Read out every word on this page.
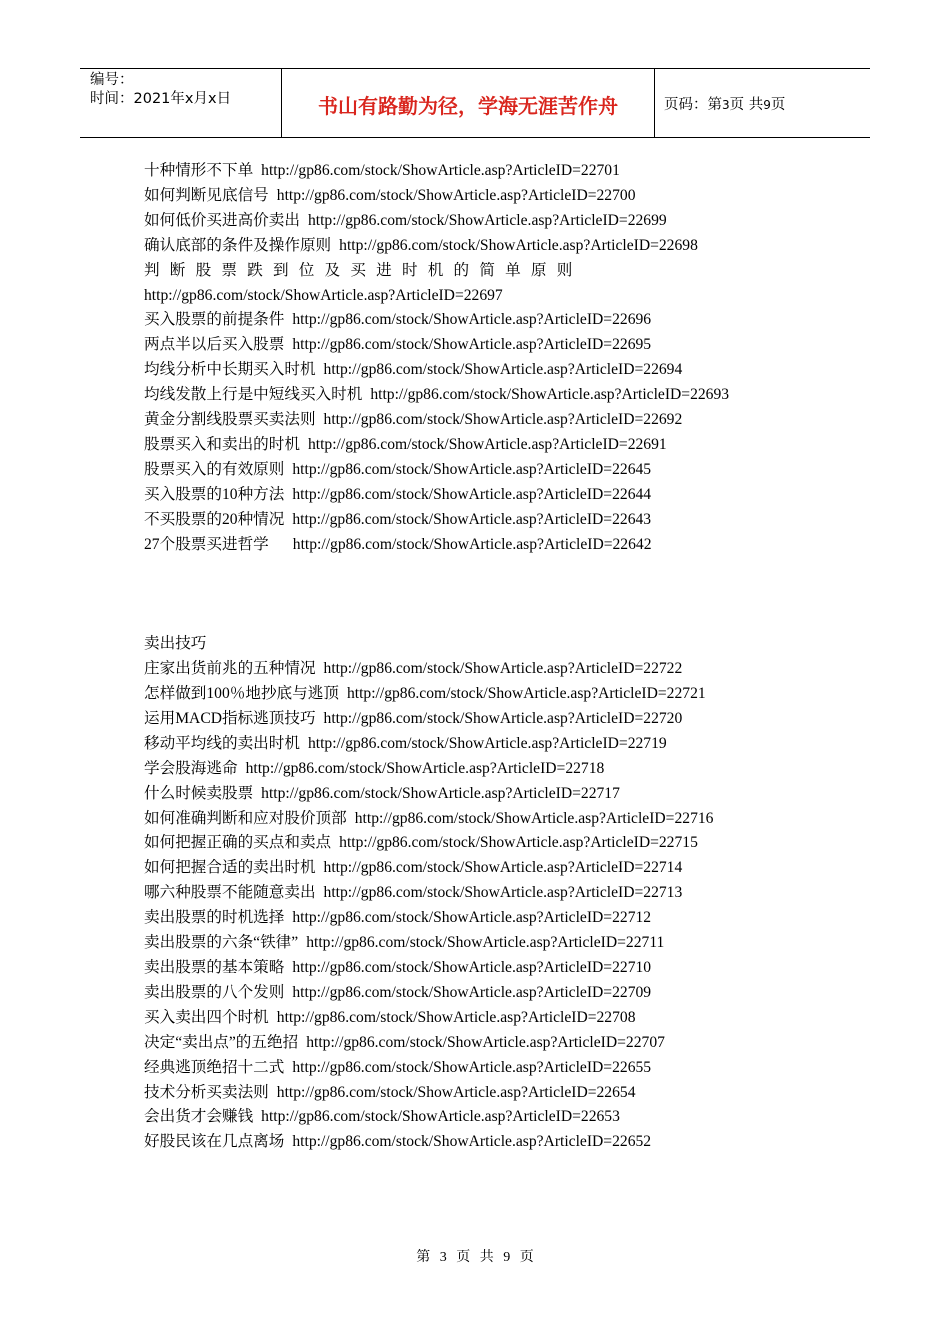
编号：
时间：2021年x月x日	书山有路勤为径，学海无涯苦作舟	页码：第3页 共9页
十种情形不下单 http://gp86.com/stock/ShowArticle.asp?ArticleID=22701
如何判断见底信号 http://gp86.com/stock/ShowArticle.asp?ArticleID=22700
如何低价买进高价卖出 http://gp86.com/stock/ShowArticle.asp?ArticleID=22699
确认底部的条件及操作原则 http://gp86.com/stock/ShowArticle.asp?ArticleID=22698
判断股票跌到位及买进时机的简单原则http://gp86.com/stock/ShowArticle.asp?ArticleID=22697
买入股票的前提条件 http://gp86.com/stock/ShowArticle.asp?ArticleID=22696
两点半以后买入股票 http://gp86.com/stock/ShowArticle.asp?ArticleID=22695
均线分析中长期买入时机 http://gp86.com/stock/ShowArticle.asp?ArticleID=22694
均线发散上行是中短线买入时机 http://gp86.com/stock/ShowArticle.asp?ArticleID=22693
黄金分割线股票买卖法则 http://gp86.com/stock/ShowArticle.asp?ArticleID=22692
股票买入和卖出的时机 http://gp86.com/stock/ShowArticle.asp?ArticleID=22691
股票买入的有效原则 http://gp86.com/stock/ShowArticle.asp?ArticleID=22645
买入股票的10种方法 http://gp86.com/stock/ShowArticle.asp?ArticleID=22644
不买股票的20种情况 http://gp86.com/stock/ShowArticle.asp?ArticleID=22643
27个股票买进哲学 http://gp86.com/stock/ShowArticle.asp?ArticleID=22642
卖出技巧
庄家出货前兆的五种情况 http://gp86.com/stock/ShowArticle.asp?ArticleID=22722
怎样做到100％地抄底与逃顶 http://gp86.com/stock/ShowArticle.asp?ArticleID=22721
运用MACD指标逃顶技巧 http://gp86.com/stock/ShowArticle.asp?ArticleID=22720
移动平均线的卖出时机 http://gp86.com/stock/ShowArticle.asp?ArticleID=22719
学会股海逃命 http://gp86.com/stock/ShowArticle.asp?ArticleID=22718
什么时候卖股票 http://gp86.com/stock/ShowArticle.asp?ArticleID=22717
如何准确判断和应对股价顶部 http://gp86.com/stock/ShowArticle.asp?ArticleID=22716
如何把握正确的买点和卖点 http://gp86.com/stock/ShowArticle.asp?ArticleID=22715
如何把握合适的卖出时机 http://gp86.com/stock/ShowArticle.asp?ArticleID=22714
哪六种股票不能随意卖出 http://gp86.com/stock/ShowArticle.asp?ArticleID=22713
卖出股票的时机选择 http://gp86.com/stock/ShowArticle.asp?ArticleID=22712
卖出股票的六条“铁律” http://gp86.com/stock/ShowArticle.asp?ArticleID=22711
卖出股票的基本策略 http://gp86.com/stock/ShowArticle.asp?ArticleID=22710
卖出股票的八个发则 http://gp86.com/stock/ShowArticle.asp?ArticleID=22709
买入卖出四个时机 http://gp86.com/stock/ShowArticle.asp?ArticleID=22708
决定“卖出点”的五绝招 http://gp86.com/stock/ShowArticle.asp?ArticleID=22707
经典逃顶绝招十二式 http://gp86.com/stock/ShowArticle.asp?ArticleID=22655
技术分析买卖法则 http://gp86.com/stock/ShowArticle.asp?ArticleID=22654
会出货才会赚钱 http://gp86.com/stock/ShowArticle.asp?ArticleID=22653
好股民该在几点离场 http://gp86.com/stock/ShowArticle.asp?ArticleID=22652
第 3 页 共 9 页
